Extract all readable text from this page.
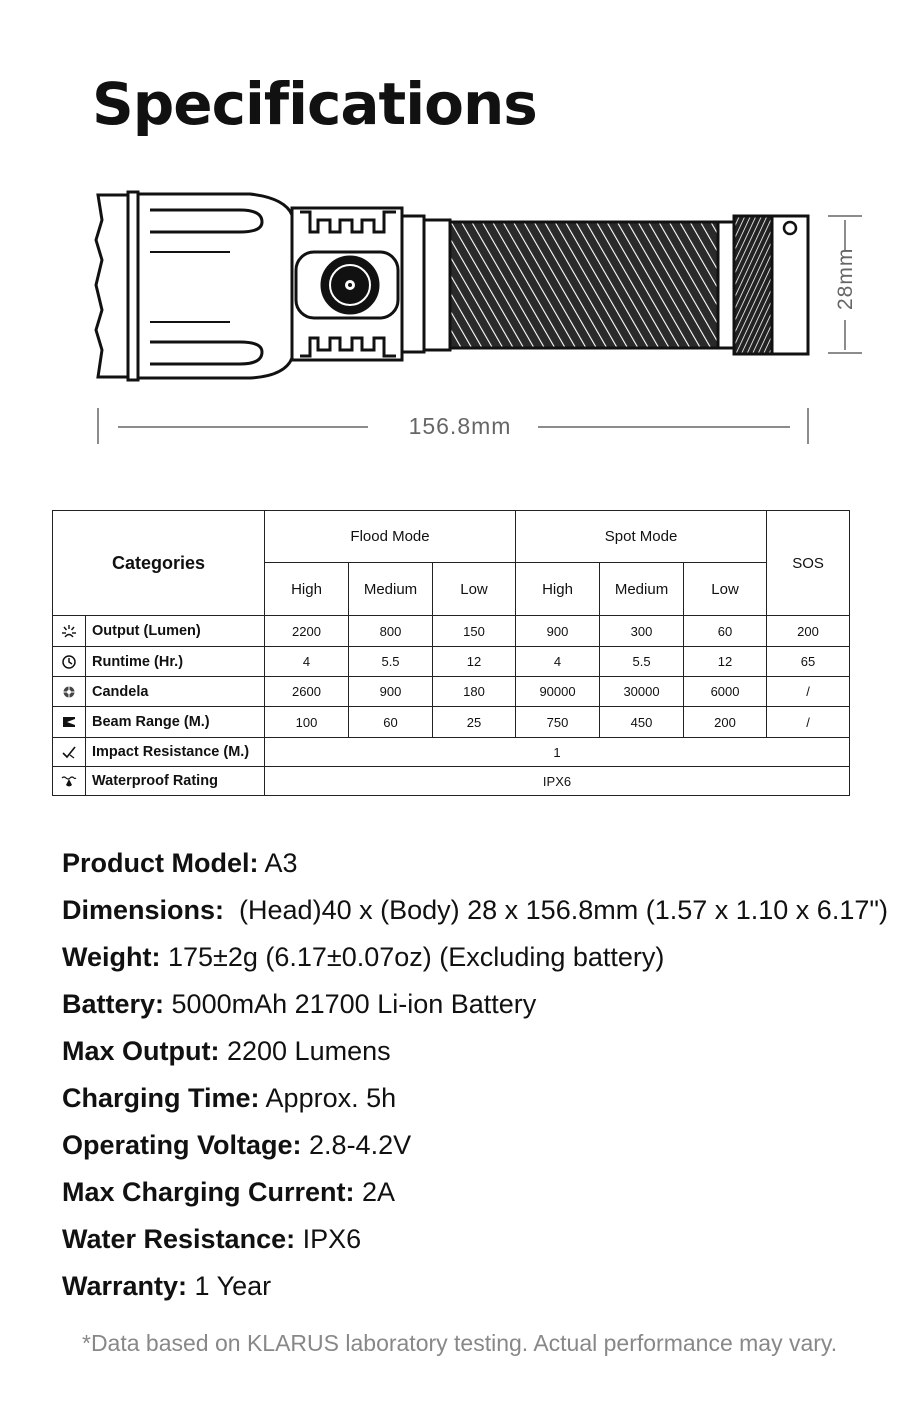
Specifications
156.8mm
28mm
Categories		Flood Mode			Spot Mode			SOS
		High	Medium	Low	High	Medium	Low	
	Output (Lumen)	2200	800	150	900	300	60	200
	Runtime (Hr.)	4	5.5	12	4	5.5	12	65
	Candela	2600	900	180	90000	30000	6000	/
	Beam Range (M.)	100	60	25	750	450	200	/
	Impact Resistance (M.)	1						
	Waterproof Rating	IPX6						
Product Model: A3
Dimensions:  (Head)40 x (Body) 28 x 156.8mm (1.57 x 1.10 x 6.17")
Weight: 175±2g (6.17±0.07oz) (Excluding battery)
Battery: 5000mAh 21700 Li-ion Battery
Max Output: 2200 Lumens
Charging Time: Approx. 5h
Operating Voltage: 2.8-4.2V
Max Charging Current: 2A
Water Resistance: IPX6
Warranty: 1 Year
*Data based on KLARUS laboratory testing. Actual performance may vary.
